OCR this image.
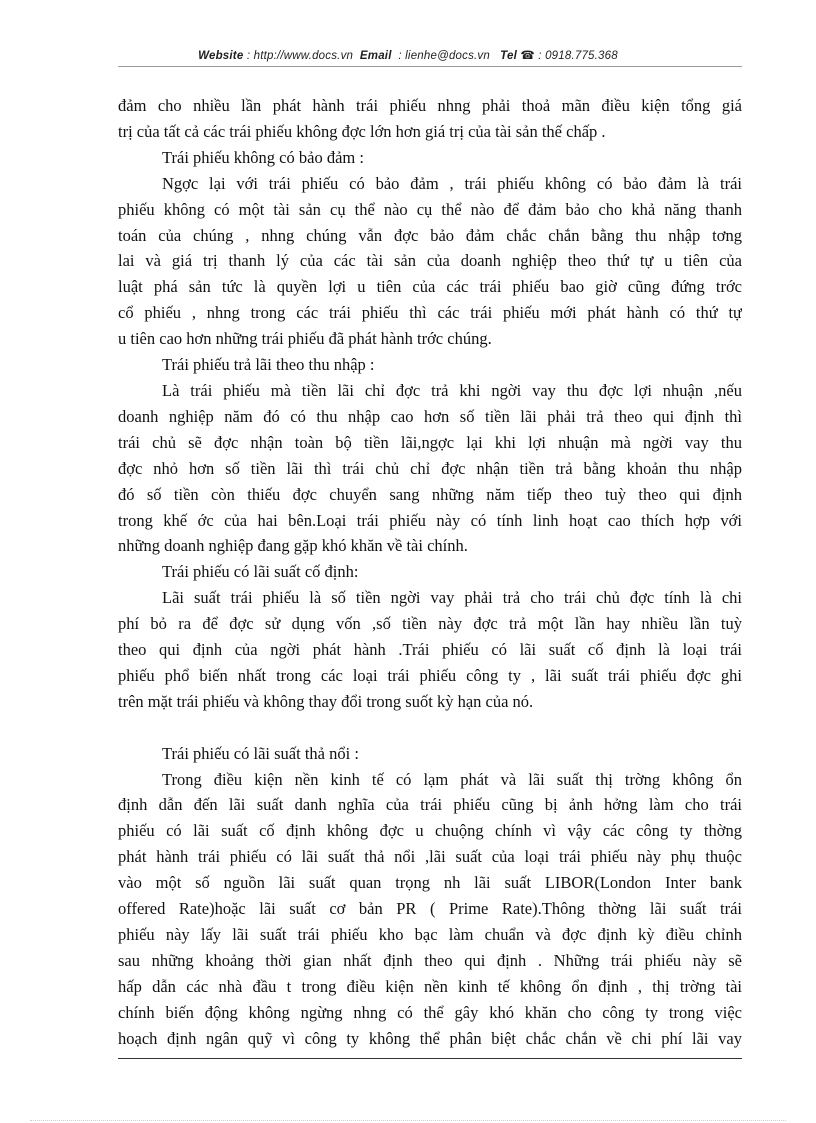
Website : http://www.docs.vn Email : lienhe@docs.vn Tel ☎ : 0918.775.368
đảm cho nhiều lần phát hành trái phiếu nhng phải thoả mãn điều kiện tổng giá
trị của tất cả các trái phiếu không đợc lớn hơn giá trị của tài sản thế chấp .
Trái phiếu không có bảo đảm :
Ngợc lại với trái phiếu có bảo đảm , trái phiếu không có bảo đảm là trái
phiếu không có một tài sản cụ thể nào cụ thể nào để đảm bảo cho khả năng thanh
toán của chúng , nhng chúng vẫn đợc bảo đảm chắc chắn bằng thu nhập tơng
lai và giá trị thanh lý của các tài sản của doanh nghiệp theo thứ tự u tiên của
luật phá sản tức là quyền lợi u tiên của các trái phiếu bao giờ cũng đứng trớc
cổ phiếu , nhng trong các trái phiếu thì các trái phiếu mới phát hành có thứ tự
u tiên cao hơn những trái phiếu đã phát hành trớc chúng.
Trái phiếu trả lãi theo thu nhập :
Là trái phiếu mà tiền lãi chỉ đợc trả khi ngời vay thu đợc lợi nhuận ,nếu
doanh nghiệp năm đó có thu nhập cao hơn số tiền lãi phải trả theo qui định thì
trái chủ sẽ đợc nhận toàn bộ tiền lãi,ngợc lại khi lợi nhuận mà ngời vay thu
đợc nhỏ hơn số tiền lãi thì trái chủ chỉ đợc nhận tiền trả bằng khoản thu nhập
đó số tiền còn thiếu đợc chuyển sang những năm tiếp theo tuỳ theo qui định
trong khế ớc của hai bên.Loại trái phiếu này có tính linh hoạt cao thích hợp với
những doanh nghiệp đang gặp khó khăn về tài chính.
Trái phiếu có lãi suất cố định:
Lãi suất trái phiếu là số tiền ngời vay phải trả cho trái chủ đợc tính là chi
phí bỏ ra để đợc sử dụng vốn ,số tiền này đợc trả một lần hay nhiều lần tuỳ
theo qui định của ngời phát hành .Trái phiếu có lãi suất cố định là loại trái
phiếu phổ biến nhất trong các loại trái phiếu công ty , lãi suất trái phiếu đợc ghi
trên mặt trái phiếu và không thay đổi trong suốt kỳ hạn của nó.
Trái phiếu có lãi suất thả nổi :
Trong điều kiện nền kinh tế có lạm phát và lãi suất thị trờng không ổn
định dẫn đến lãi suất danh nghĩa của trái phiếu cũng bị ảnh hởng làm cho trái
phiếu có lãi suất cố định không đợc u chuộng chính vì vậy các công ty thờng
phát hành trái phiếu có lãi suất thả nổi ,lãi suất của loại trái phiếu này phụ thuộc
vào một số nguồn lãi suất quan trọng nh lãi suất LIBOR(London Inter bank
offered Rate)hoặc lãi suất cơ bản PR ( Prime Rate).Thông thờng lãi suất trái
phiếu này lấy lãi suất trái phiếu kho bạc làm chuẩn và đợc định kỳ điều chỉnh
sau những khoảng thời gian nhất định theo qui định . Những trái phiếu này sẽ
hấp dẫn các nhà đầu t trong điều kiện nền kinh tế không ổn định , thị trờng tài
chính biến động không ngừng nhng có thể gây khó khăn cho công ty trong việc
hoạch định ngân quỹ vì công ty không thể phân biệt chắc chắn về chi phí lãi vay
